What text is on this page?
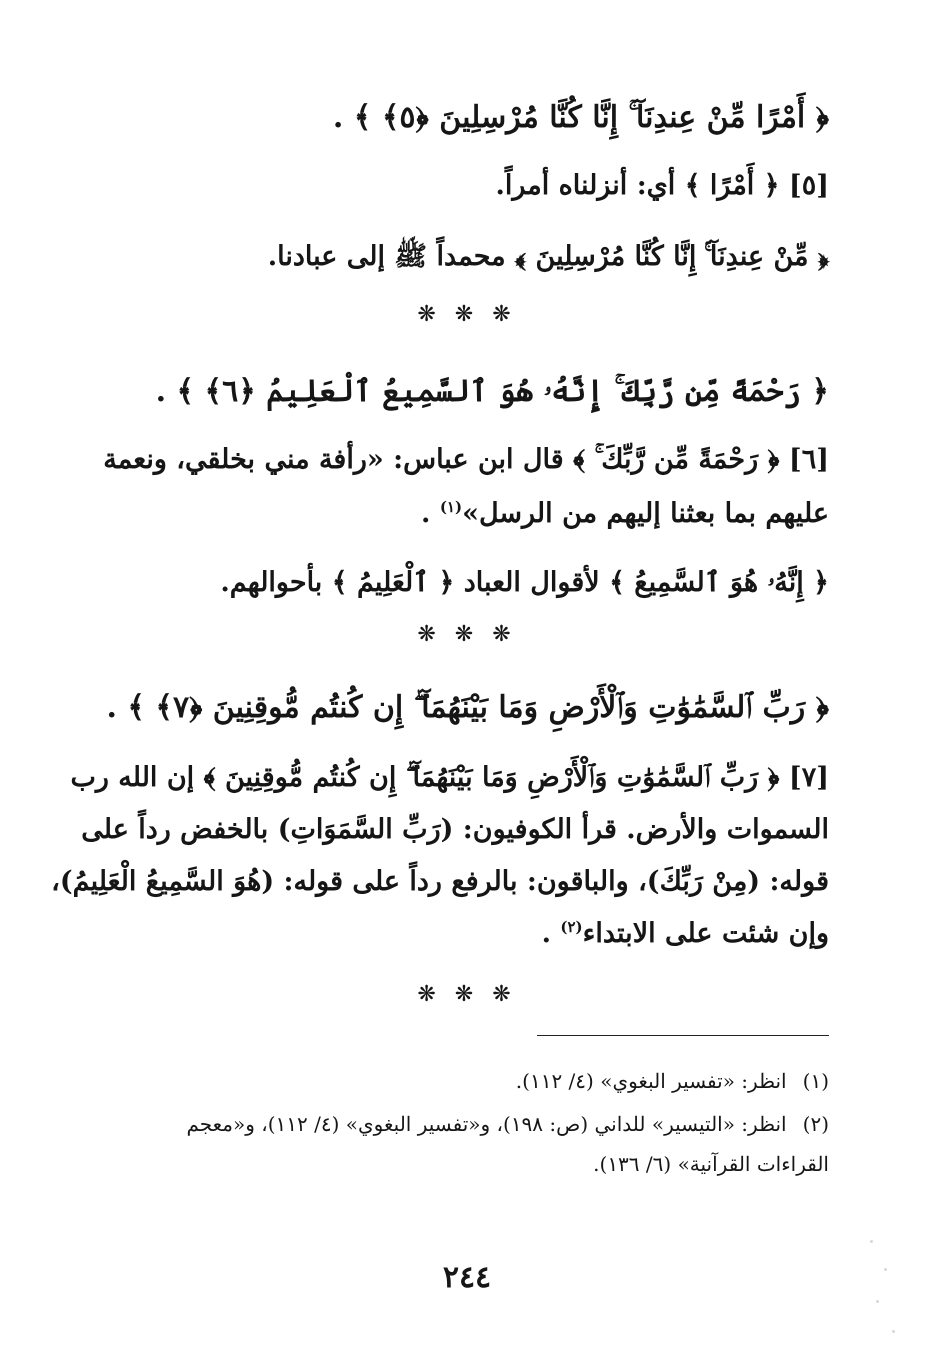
﴿ أَمْرًا مِّنْ عِندِنَآ ۚ إِنَّا كُنَّا مُرْسِلِينَ ﴿٥﴾ ﴾ .
[٥] ﴿ أَمْرًا ﴾ أي: أنزلناه أمراً.
﴿ مِّنْ عِندِنَآ ۚ إِنَّا كُنَّا مُرْسِلِينَ ﴾ محمداً ﷺ إلى عبادنا.
❋ ❋ ❋
﴿ رَحْمَةً مِّن رَّبِّكَ ۚ إِنَّهُۥ هُوَ ٱلسَّمِيعُ ٱلْعَلِيمُ ﴿٦﴾ ﴾ .
[٦] ﴿ رَحْمَةً مِّن رَّبِّكَ ۚ ﴾ قال ابن عباس: «رأفة مني بخلقي، ونعمة
عليهم بما بعثنا إليهم من الرسل»$^{(١)}$ .
﴿ إِنَّهُۥ هُوَ ٱلسَّمِيعُ ﴾ لأقوال العباد ﴿ ٱلْعَلِيمُ ﴾ بأحوالهم.
❋ ❋ ❋
﴿ رَبِّ ٱلسَّمَٰوَٰتِ وَٱلْأَرْضِ وَمَا بَيْنَهُمَآ ۖ إِن كُنتُم مُّوقِنِينَ ﴿٧﴾ ﴾ .
[٧] ﴿ رَبِّ ٱلسَّمَٰوَٰتِ وَٱلْأَرْضِ وَمَا بَيْنَهُمَآ ۖ إِن كُنتُم مُّوقِنِينَ ﴾ إن الله رب
السموات والأرض. قرأ الكوفيون: (رَبِّ السَّمَوَاتِ) بالخفض رداً على
قوله: (مِنْ رَبِّكَ)، والباقون: بالرفع رداً على قوله: (هُوَ السَّمِيعُ الْعَلِيمُ)،
وإن شئت على الابتداء$^{(٢)}$ .
❋ ❋ ❋
(١)انظر: «تفسير البغوي» (٤/ ١١٢).
(٢)انظر: «التيسير» للداني (ص: ١٩٨)، و«تفسير البغوي» (٤/ ١١٢)، و«معجم
القراءات القرآنية» (٦/ ١٣٦).
٢٤٤
